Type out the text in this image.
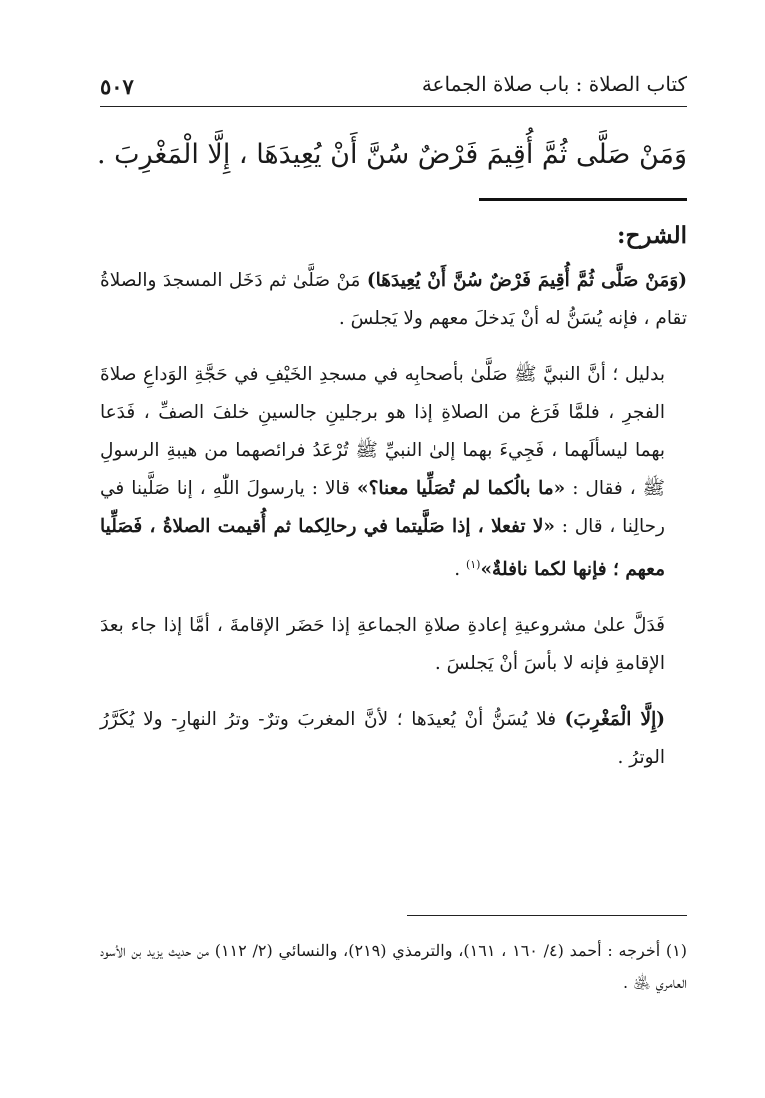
كتاب الصلاة : باب صلاة الجماعة
٥٠٧
وَمَنْ صَلَّى ثُمَّ أُقِيمَ فَرْضٌ سُنَّ أَنْ يُعِيدَهَا ، إِلَّا الْمَغْرِبَ .
الشرح:

(وَمَنْ صَلَّى ثُمَّ أُقِيمَ فَرْضٌ سُنَّ أَنْ يُعِيدَهَا) مَنْ صَلَّىٰ ثم دَخَل المسجدَ والصلاةُ تقام ، فإنه يُسَنُّ له أنْ يَدخلَ معهم ولا يَجلسَ .

بدليل ؛ أنَّ النبيَّ ﷺ صَلَّىٰ بأصحابِه في مسجدِ الخَيْفِ في حَجَّةِ الوَداعِ صلاةَ الفجرِ ، فلمَّا فَرَغ من الصلاةِ إذا هو برجلينِ جالسينِ خلفَ الصفِّ ، فَدَعا بهما ليسألَهما ، فَجِيءَ بهما إلىٰ النبيِّ ﷺ تُرْعَدُ فرائصهما من هيبةِ الرسولِ ﷺ ، فقال : «ما بالُكما لم تُصَلِّيا معنا؟» قالا : يارسولَ اللّٰهِ ، إنا صَلَّينا في رحالِنا ، قال : «لا تفعلا ، إذا صَلَّيتما في رحالِكما ثم أُقيمت الصلاةُ ، فَصَلِّيا معهم ؛ فإنها لكما نافلةٌ»$^{(١)}$ .

فَدَلَّ علىٰ مشروعيةِ إعادةِ صلاةِ الجماعةِ إذا حَضَر الإقامةَ ، أمَّا إذا جاء بعدَ الإقامةِ فإنه لا بأسَ أنْ يَجلسَ .

(إِلَّا الْمَغْرِبَ) فلا يُسَنُّ أنْ يُعيدَها ؛ لأنَّ المغربَ وترٌ- وترُ النهارِ- ولا يُكَرَّرُ الوترُ .

(١) أخرجه : أحمد (٤/ ١٦٠ ، ١٦١)، والترمذي (٢١٩)، والنسائي (٢/ ١١٢) من حديث يزيد بن الأسود العامري ﵁ .
